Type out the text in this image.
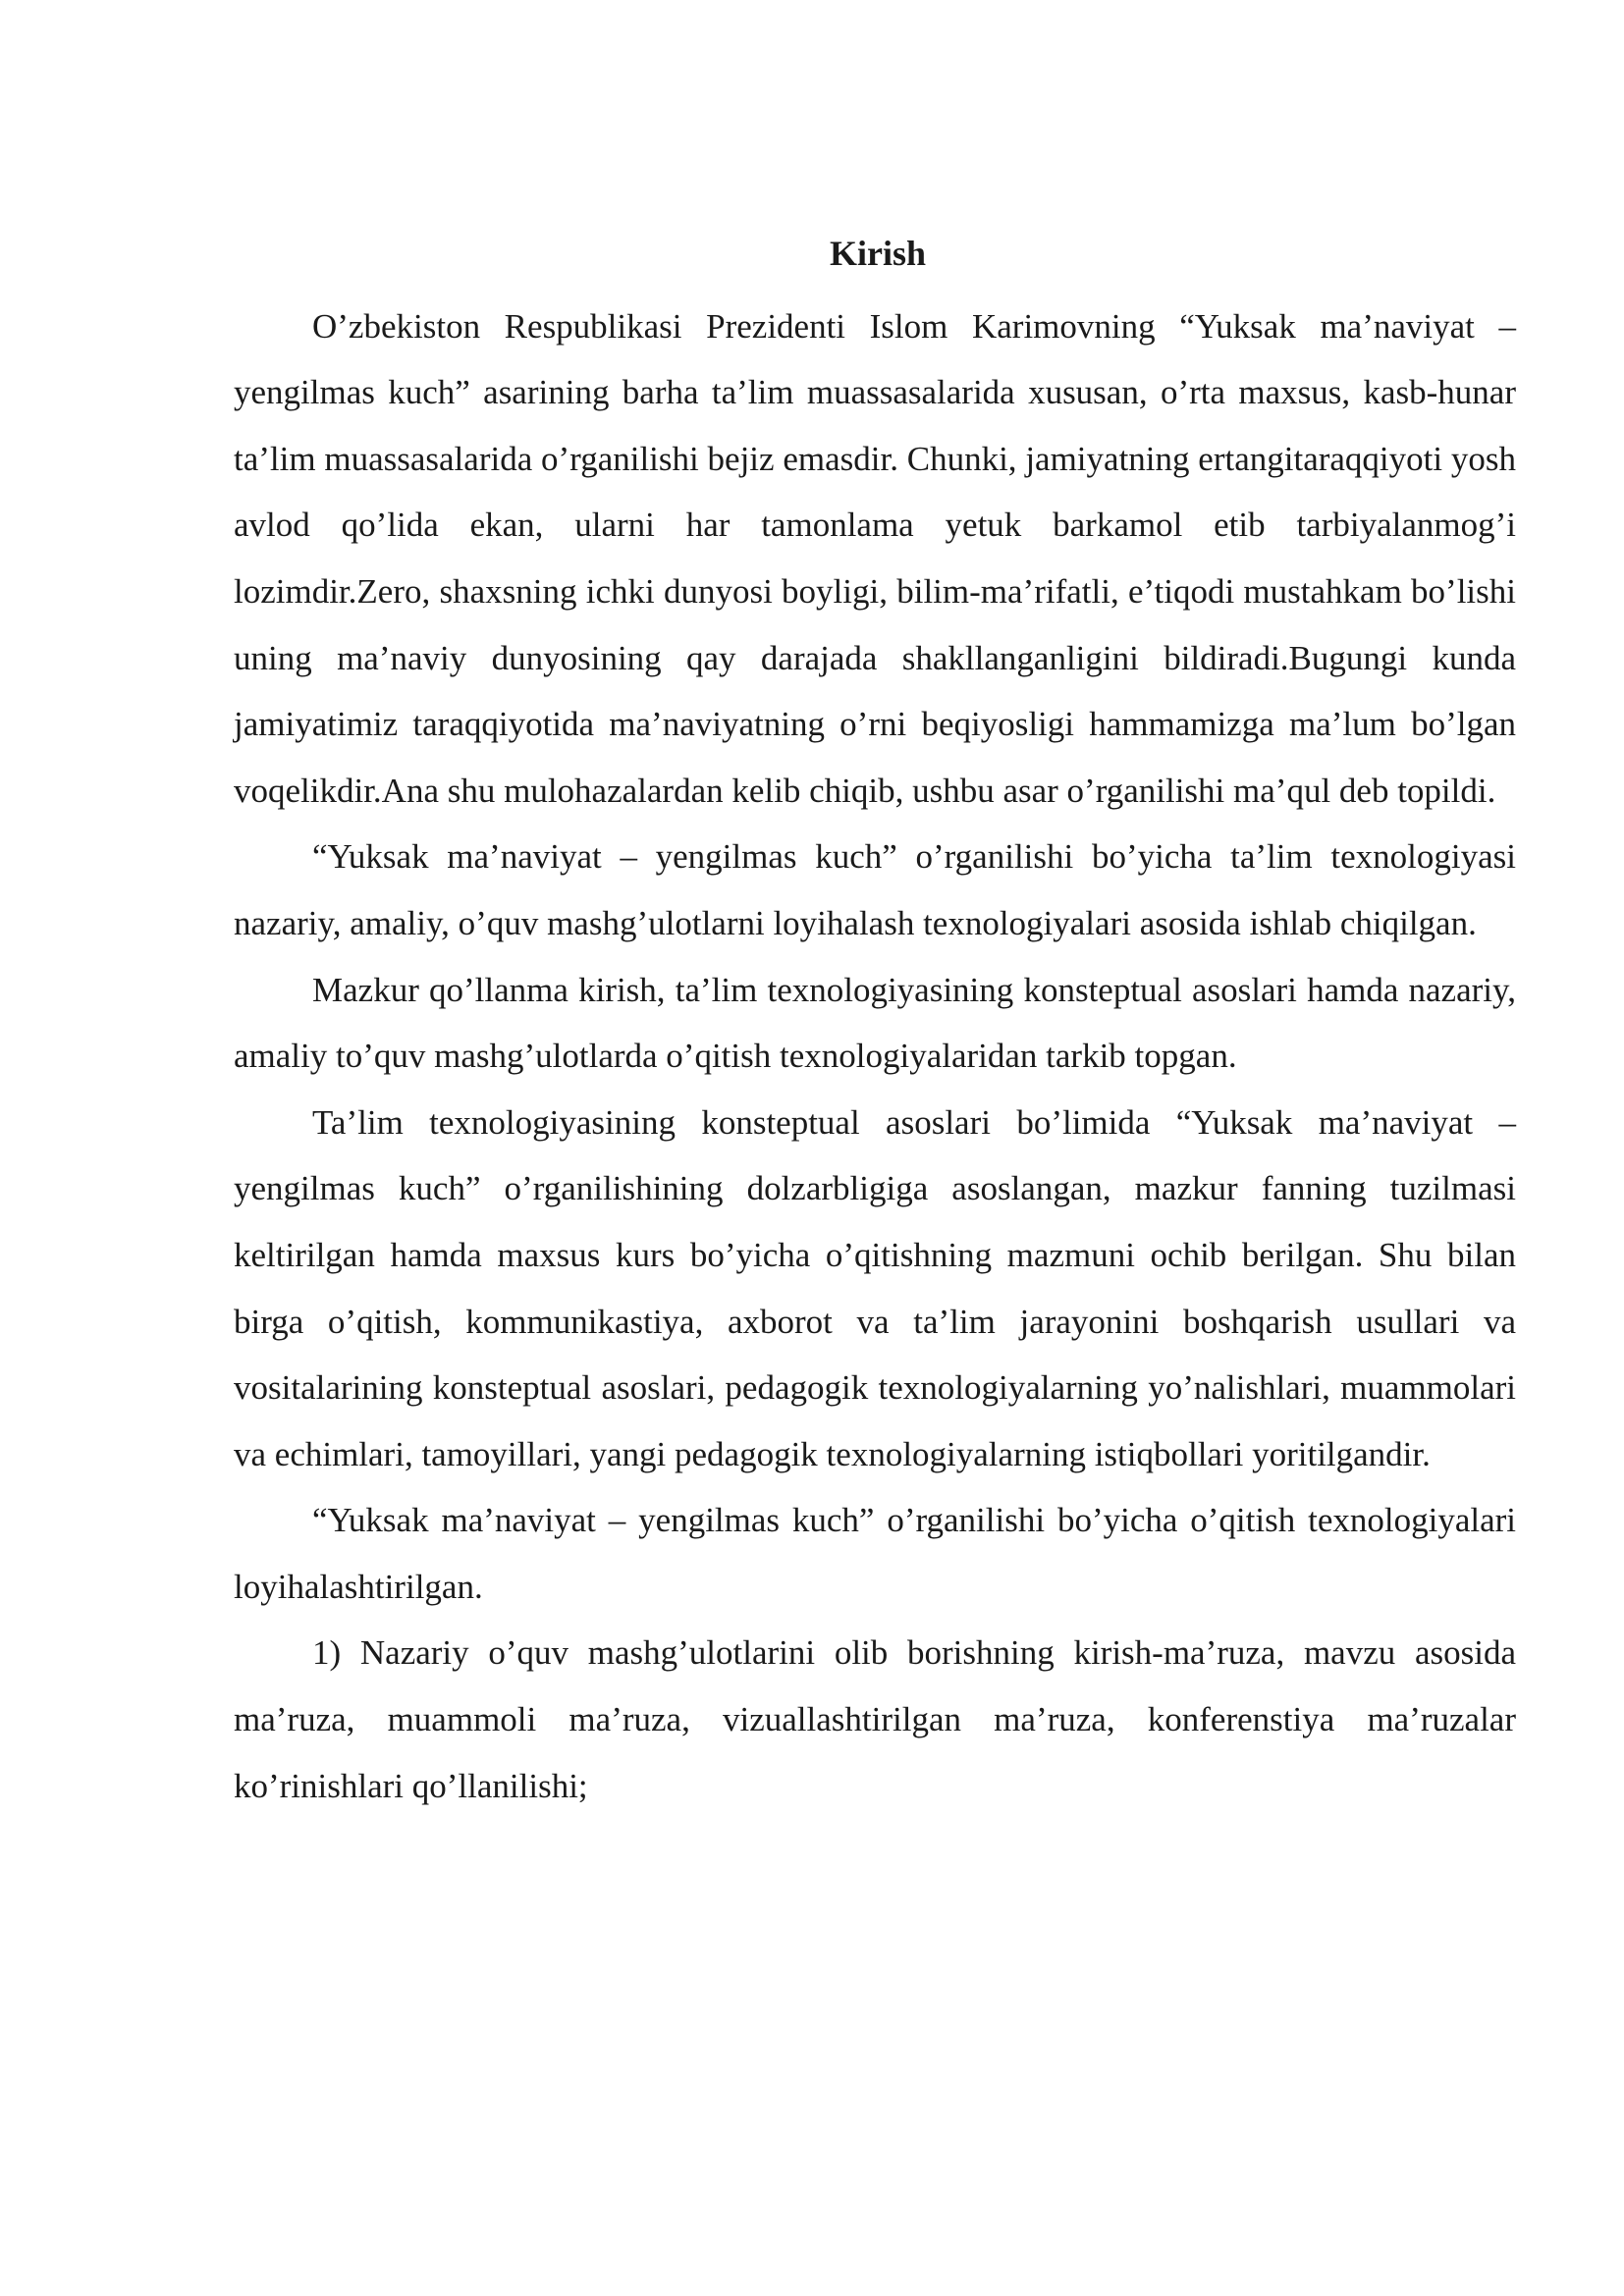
Kirish

O’zbekiston Respublikasi Prezidenti Islom Karimovning “Yuksak ma’naviyat – yengilmas kuch” asarining barha ta’lim muassasalarida xususan, o’rta maxsus, kasb-hunar ta’lim muassasalarida o’rganilishi bejiz emasdir. Chunki, jamiyatning ertangitaraqqiyoti yosh avlod qo’lida ekan, ularni har tamonlama yetuk barkamol etib tarbiyalanmog’i lozimdir.Zero, shaxsning ichki dunyosi boyligi, bilim-ma’rifatli, e’tiqodi mustahkam bo’lishi uning ma’naviy dunyosining qay darajada shakllanganligini bildiradi.Bugungi kunda jamiyatimiz taraqqiyotida ma’naviyatning o’rni beqiyosligi hammamizga ma’lum bo’lgan voqelikdir.Ana shu mulohazalardan kelib chiqib, ushbu asar o’rganilishi ma’qul deb topildi.

“Yuksak ma’naviyat – yengilmas kuch” o’rganilishi bo’yicha ta’lim texnologiyasi nazariy, amaliy, o’quv mashg’ulotlarni loyihalash texnologiyalari asosida ishlab chiqilgan.

Mazkur qo’llanma kirish, ta’lim texnologiyasining konsteptual asoslari hamda nazariy, amaliy to’quv mashg’ulotlarda o’qitish texnologiyalaridan tarkib topgan.

Ta’lim texnologiyasining konsteptual asoslari bo’limida “Yuksak ma’naviyat – yengilmas kuch” o’rganilishining dolzarbligiga asoslangan, mazkur fanning tuzilmasi keltirilgan hamda maxsus kurs bo’yicha o’qitishning mazmuni ochib berilgan. Shu bilan birga o’qitish, kommunikastiya, axborot va ta’lim jarayonini boshqarish usullari va vositalarining konsteptual asoslari, pedagogik texnologiyalarning yo’nalishlari, muammolari va echimlari, tamoyillari, yangi pedagogik texnologiyalarning istiqbollari yoritilgandir.

“Yuksak ma’naviyat – yengilmas kuch” o’rganilishi bo’yicha o’qitish texnologiyalari loyihalashtirilgan.

1) Nazariy o’quv mashg’ulotlarini olib borishning kirish-ma’ruza, mavzu asosida ma’ruza, muammoli ma’ruza, vizuallashtirilgan ma’ruza, konferenstiya ma’ruzalar ko’rinishlari qo’llanilishi;
